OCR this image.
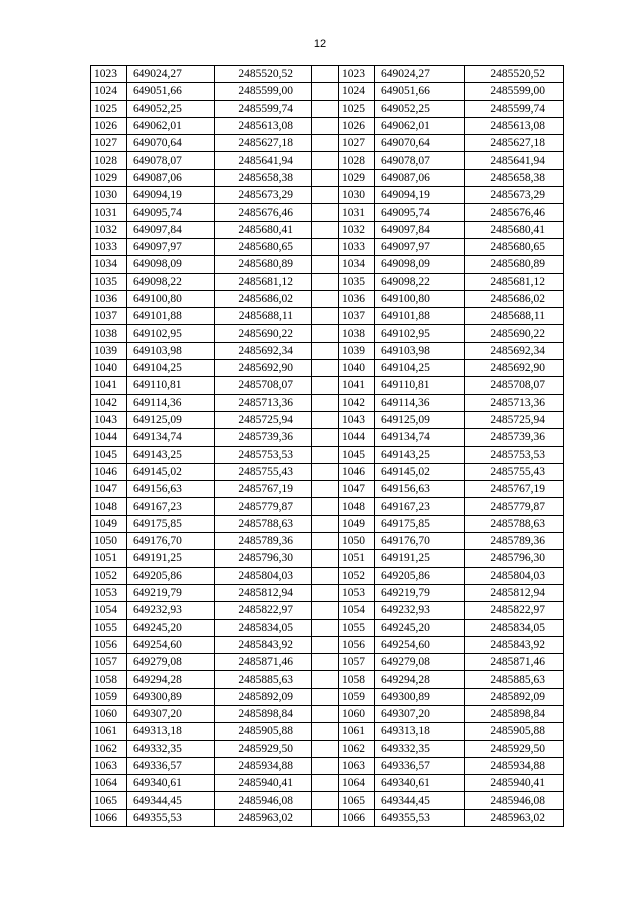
12
1023	649024,27	2485520,52		1023	649024,27	2485520,52
1024	649051,66	2485599,00		1024	649051,66	2485599,00
1025	649052,25	2485599,74		1025	649052,25	2485599,74
1026	649062,01	2485613,08		1026	649062,01	2485613,08
1027	649070,64	2485627,18		1027	649070,64	2485627,18
1028	649078,07	2485641,94		1028	649078,07	2485641,94
1029	649087,06	2485658,38		1029	649087,06	2485658,38
1030	649094,19	2485673,29		1030	649094,19	2485673,29
1031	649095,74	2485676,46		1031	649095,74	2485676,46
1032	649097,84	2485680,41		1032	649097,84	2485680,41
1033	649097,97	2485680,65		1033	649097,97	2485680,65
1034	649098,09	2485680,89		1034	649098,09	2485680,89
1035	649098,22	2485681,12		1035	649098,22	2485681,12
1036	649100,80	2485686,02		1036	649100,80	2485686,02
1037	649101,88	2485688,11		1037	649101,88	2485688,11
1038	649102,95	2485690,22		1038	649102,95	2485690,22
1039	649103,98	2485692,34		1039	649103,98	2485692,34
1040	649104,25	2485692,90		1040	649104,25	2485692,90
1041	649110,81	2485708,07		1041	649110,81	2485708,07
1042	649114,36	2485713,36		1042	649114,36	2485713,36
1043	649125,09	2485725,94		1043	649125,09	2485725,94
1044	649134,74	2485739,36		1044	649134,74	2485739,36
1045	649143,25	2485753,53		1045	649143,25	2485753,53
1046	649145,02	2485755,43		1046	649145,02	2485755,43
1047	649156,63	2485767,19		1047	649156,63	2485767,19
1048	649167,23	2485779,87		1048	649167,23	2485779,87
1049	649175,85	2485788,63		1049	649175,85	2485788,63
1050	649176,70	2485789,36		1050	649176,70	2485789,36
1051	649191,25	2485796,30		1051	649191,25	2485796,30
1052	649205,86	2485804,03		1052	649205,86	2485804,03
1053	649219,79	2485812,94		1053	649219,79	2485812,94
1054	649232,93	2485822,97		1054	649232,93	2485822,97
1055	649245,20	2485834,05		1055	649245,20	2485834,05
1056	649254,60	2485843,92		1056	649254,60	2485843,92
1057	649279,08	2485871,46		1057	649279,08	2485871,46
1058	649294,28	2485885,63		1058	649294,28	2485885,63
1059	649300,89	2485892,09		1059	649300,89	2485892,09
1060	649307,20	2485898,84		1060	649307,20	2485898,84
1061	649313,18	2485905,88		1061	649313,18	2485905,88
1062	649332,35	2485929,50		1062	649332,35	2485929,50
1063	649336,57	2485934,88		1063	649336,57	2485934,88
1064	649340,61	2485940,41		1064	649340,61	2485940,41
1065	649344,45	2485946,08		1065	649344,45	2485946,08
1066	649355,53	2485963,02		1066	649355,53	2485963,02
